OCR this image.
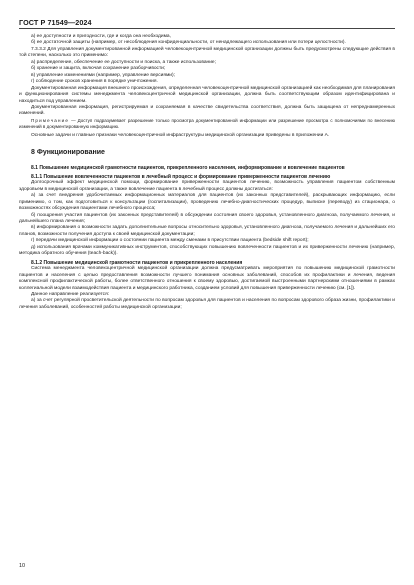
ГОСТ Р 71549—2024

а) ее доступности и пригодности, где и когда она необходима,

б) ее достаточной защиты (например, от несоблюдения конфиденциальности, от ненадлежащего использования или потери целостности).

7.3.3.2 Для управления документированной информацией человекоцентричной медицинской организации должны быть предусмотрены следующие действия в той степени, насколько это применимо:

а) распределение, обеспечение ее доступности и поиска, а также использование;

б) хранение и защита, включая сохранение разборчивости;

в) управление изменениями (например, управление версиями);

г) соблюдение сроков хранения в порядке уничтожения.

Документированная информация внешнего происхождения, определенная человекоцентричной медицинской организацией как необходимая для планирования и функционирования системы менеджмента человекоцентричной медицинской организации, должна быть соответствующим образом идентифицирована и находиться под управлением.

Документированная информация, регистрируемая и сохраняемая в качестве свидетельства соответствия, должна быть защищена от непреднамеренных изменений.

Примечание — Доступ подразумевает разрешение только просмотра документированной информации или разрешение просмотра с полномочиями по внесению изменений в документированную информацию.

Основные задачи и главные признаки человекоцентричной инфраструктуры медицинской организации приведены в приложении А.

8 Функционирование
8.1 Повышение медицинской грамотности пациентов, прикрепленного населения, информирование и вовлечение пациентов
8.1.1 Повышение вовлеченности пациентов в лечебный процесс и формирование приверженности пациентов лечению

Долгосрочный эффект медицинской помощи, формирование приверженности пациентов лечению, возможность управления пациентом собственным здоровьем в медицинской организации, а также вовлечение пациента в лечебный процесс должны достигаться:

а) за счет внедрения удобочитаемых информационных материалов для пациентов (их законных представителей), раскрывающих информацию, если применимо, о том, как подготовиться к консультации (госпитализации), проведению лечебно-диагностических процедур, выписке (переводу) из стационара, о возможностях обсуждения пациентами лечебного процесса;

б) поощрения участия пациентов (их законных представителей) в обсуждении состояния своего здоровья, установленного диагноза, получаемого лечения, и дальнейшего плана лечения;

в) информирования о возможности задать дополнительные вопросы относительно здоровья, установленного диагноза, получаемого лечения и дальнейших его планов, возможности получения доступа к своей медицинской документации;

г) передачи медицинской информации о состоянии пациента между сменами в присутствии пациента (bedside shift report);

д) использования врачами коммуникативных инструментов, способствующих повышению вовлеченности пациентов и их приверженности лечению (например, методика обратного обучения (teach-back)).

8.1.2 Повышение медицинской грамотности пациентов и прикрепленного населения

Система менеджмента человекоцентричной медицинской организации должна предусматривать мероприятия по повышению медицинской грамотности пациентов и населения с целью предоставления возможности лучшего понимания основных заболеваний, способов их профилактики и лечения, ведения комплексной профилактической работы, более ответственного отношения к своему здоровью, достигаемой выстроенными партнерскими отношениями в рамках коллегиальной модели взаимодействия пациента и медицинского работника, созданием условий для повышения приверженности лечению (см. [1]).

Данное направление реализуется:

а) за счет регулярной просветительской деятельности по вопросам здоровья для пациентов и населения по вопросам здорового образа жизни, профилактики и лечения заболеваний, особенностей работы медицинской организации;

10
